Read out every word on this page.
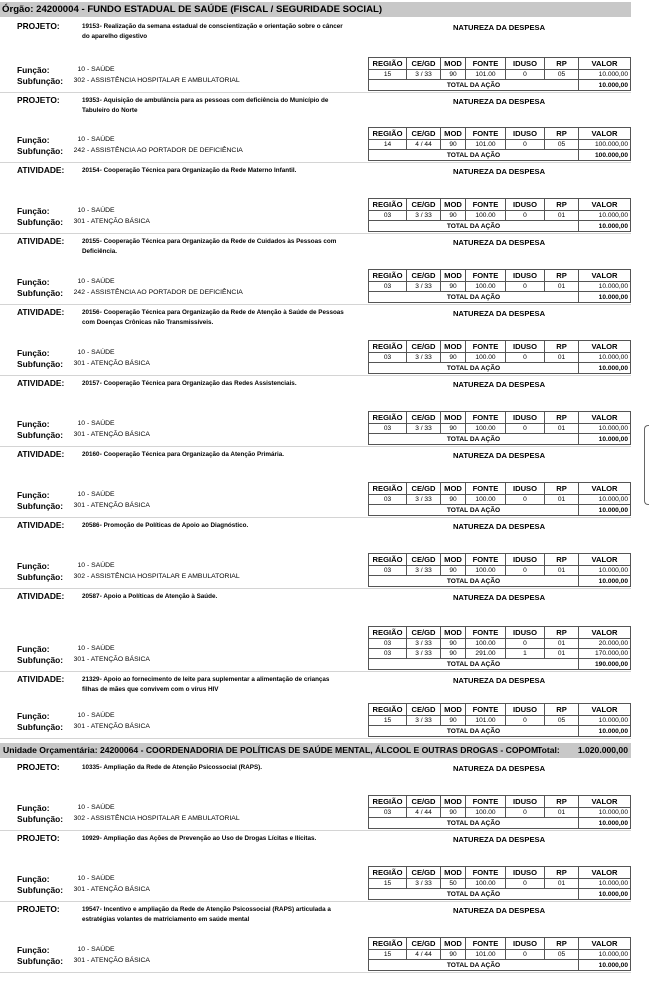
Órgão: 24200004 - FUNDO ESTADUAL DE SAÚDE (FISCAL / SEGURIDADE SOCIAL)
PROJETO:	19153 - Realização da semana estadual de conscientização e orientação sobre o câncer do aparelho digestivo
Função:	10 - SAÚDE
Subfunção:	302 - ASSISTÊNCIA HOSPITALAR E AMBULATORIAL
NATUREZA DA DESPESA
REGIÃO	CE/GD	MOD	FONTE	IDUSO	RP	VALOR
15	3 / 33	90	101.00	0	05	10.000,00
TOTAL DA AÇÃO						10.000,00
PROJETO:	19353 - Aquisição de ambulância para as pessoas com deficiência do Município de Tabuleiro do Norte
Função:	10 - SAÚDE
Subfunção:	242 - ASSISTÊNCIA AO PORTADOR DE DEFICIÊNCIA
NATUREZA DA DESPESA
REGIÃO	CE/GD	MOD	FONTE	IDUSO	RP	VALOR
14	4 / 44	90	101.00	0	05	100.000,00
TOTAL DA AÇÃO						100.000,00
ATIVIDADE:	20154 - Cooperação Técnica para Organização da Rede Materno Infantil.
Função:	10 - SAÚDE
Subfunção:	301 - ATENÇÃO BÁSICA
NATUREZA DA DESPESA
REGIÃO	CE/GD	MOD	FONTE	IDUSO	RP	VALOR
03	3 / 33	90	100.00	0	01	10.000,00
TOTAL DA AÇÃO						10.000,00
ATIVIDADE:	20155 - Cooperação Técnica para Organização da Rede de Cuidados às Pessoas com Deficiência.
Função:	10 - SAÚDE
Subfunção:	242 - ASSISTÊNCIA AO PORTADOR DE DEFICIÊNCIA
NATUREZA DA DESPESA
REGIÃO	CE/GD	MOD	FONTE	IDUSO	RP	VALOR
03	3 / 33	90	100.00	0	01	10.000,00
TOTAL DA AÇÃO						10.000,00
ATIVIDADE:	20156 - Cooperação Técnica para Organização da Rede de Atenção à Saúde de Pessoas com Doenças Crônicas não Transmissíveis.
Função:	10 - SAÚDE
Subfunção:	301 - ATENÇÃO BÁSICA
NATUREZA DA DESPESA
REGIÃO	CE/GD	MOD	FONTE	IDUSO	RP	VALOR
03	3 / 33	90	100.00	0	01	10.000,00
TOTAL DA AÇÃO						10.000,00
ATIVIDADE:	20157 - Cooperação Técnica para Organização das Redes Assistenciais.
Função:	10 - SAÚDE
Subfunção:	301 - ATENÇÃO BÁSICA
NATUREZA DA DESPESA
REGIÃO	CE/GD	MOD	FONTE	IDUSO	RP	VALOR
03	3 / 33	90	100.00	0	01	10.000,00
TOTAL DA AÇÃO						10.000,00
ATIVIDADE:	20160 - Cooperação Técnica para Organização da Atenção Primária.
Função:	10 - SAÚDE
Subfunção:	301 - ATENÇÃO BÁSICA
NATUREZA DA DESPESA
REGIÃO	CE/GD	MOD	FONTE	IDUSO	RP	VALOR
03	3 / 33	90	100.00	0	01	10.000,00
TOTAL DA AÇÃO						10.000,00
ATIVIDADE:	20586 - Promoção de Políticas de Apoio ao Diagnóstico.
Função:	10 - SAÚDE
Subfunção:	302 - ASSISTÊNCIA HOSPITALAR E AMBULATORIAL
NATUREZA DA DESPESA
REGIÃO	CE/GD	MOD	FONTE	IDUSO	RP	VALOR
03	3 / 33	90	100.00	0	01	10.000,00
TOTAL DA AÇÃO						10.000,00
ATIVIDADE:	20587 - Apoio a Políticas de Atenção à Saúde.
Função:	10 - SAÚDE
Subfunção:	301 - ATENÇÃO BÁSICA
NATUREZA DA DESPESA
REGIÃO	CE/GD	MOD	FONTE	IDUSO	RP	VALOR
03	3 / 33	90	100.00	0	01	20.000,00
03	3 / 33	90	291.00	1	01	170.000,00
TOTAL DA AÇÃO						190.000,00
ATIVIDADE:	21329 - Apoio ao fornecimento de leite para suplementar a alimentação de crianças filhas de mães que convivem com o vírus HIV
Função:	10 - SAÚDE
Subfunção:	301 - ATENÇÃO BÁSICA
NATUREZA DA DESPESA
REGIÃO	CE/GD	MOD	FONTE	IDUSO	RP	VALOR
15	3 / 33	90	101.00	0	05	10.000,00
TOTAL DA AÇÃO						10.000,00
Unidade Orçamentária: 24200064 - COORDENADORIA DE POLÍTICAS DE SAÚDE MENTAL, ÁLCOOL E OUTRAS DROGAS - COPOM
Total: 1.020.000,00
PROJETO:	10335 - Ampliação da Rede de Atenção Psicossocial (RAPS).
Função:	10 - SAÚDE
Subfunção:	302 - ASSISTÊNCIA HOSPITALAR E AMBULATORIAL
NATUREZA DA DESPESA
REGIÃO	CE/GD	MOD	FONTE	IDUSO	RP	VALOR
03	4 / 44	90	100.00	0	01	10.000,00
TOTAL DA AÇÃO						10.000,00
PROJETO:	10929 - Ampliação das Ações de Prevenção ao Uso de Drogas Lícitas e Ilícitas.
Função:	10 - SAÚDE
Subfunção:	301 - ATENÇÃO BÁSICA
NATUREZA DA DESPESA
REGIÃO	CE/GD	MOD	FONTE	IDUSO	RP	VALOR
15	3 / 33	50	100.00	0	01	10.000,00
TOTAL DA AÇÃO						10.000,00
PROJETO:	19547 - Incentivo e ampliação da Rede de Atenção Psicossocial (RAPS) articulada a estratégias volantes de matriciamento em saúde mental
Função:	10 - SAÚDE
Subfunção:	301 - ATENÇÃO BÁSICA
NATUREZA DA DESPESA
REGIÃO	CE/GD	MOD	FONTE	IDUSO	RP	VALOR
15	4 / 44	90	101.00	0	05	10.000,00
TOTAL DA AÇÃO						10.000,00
